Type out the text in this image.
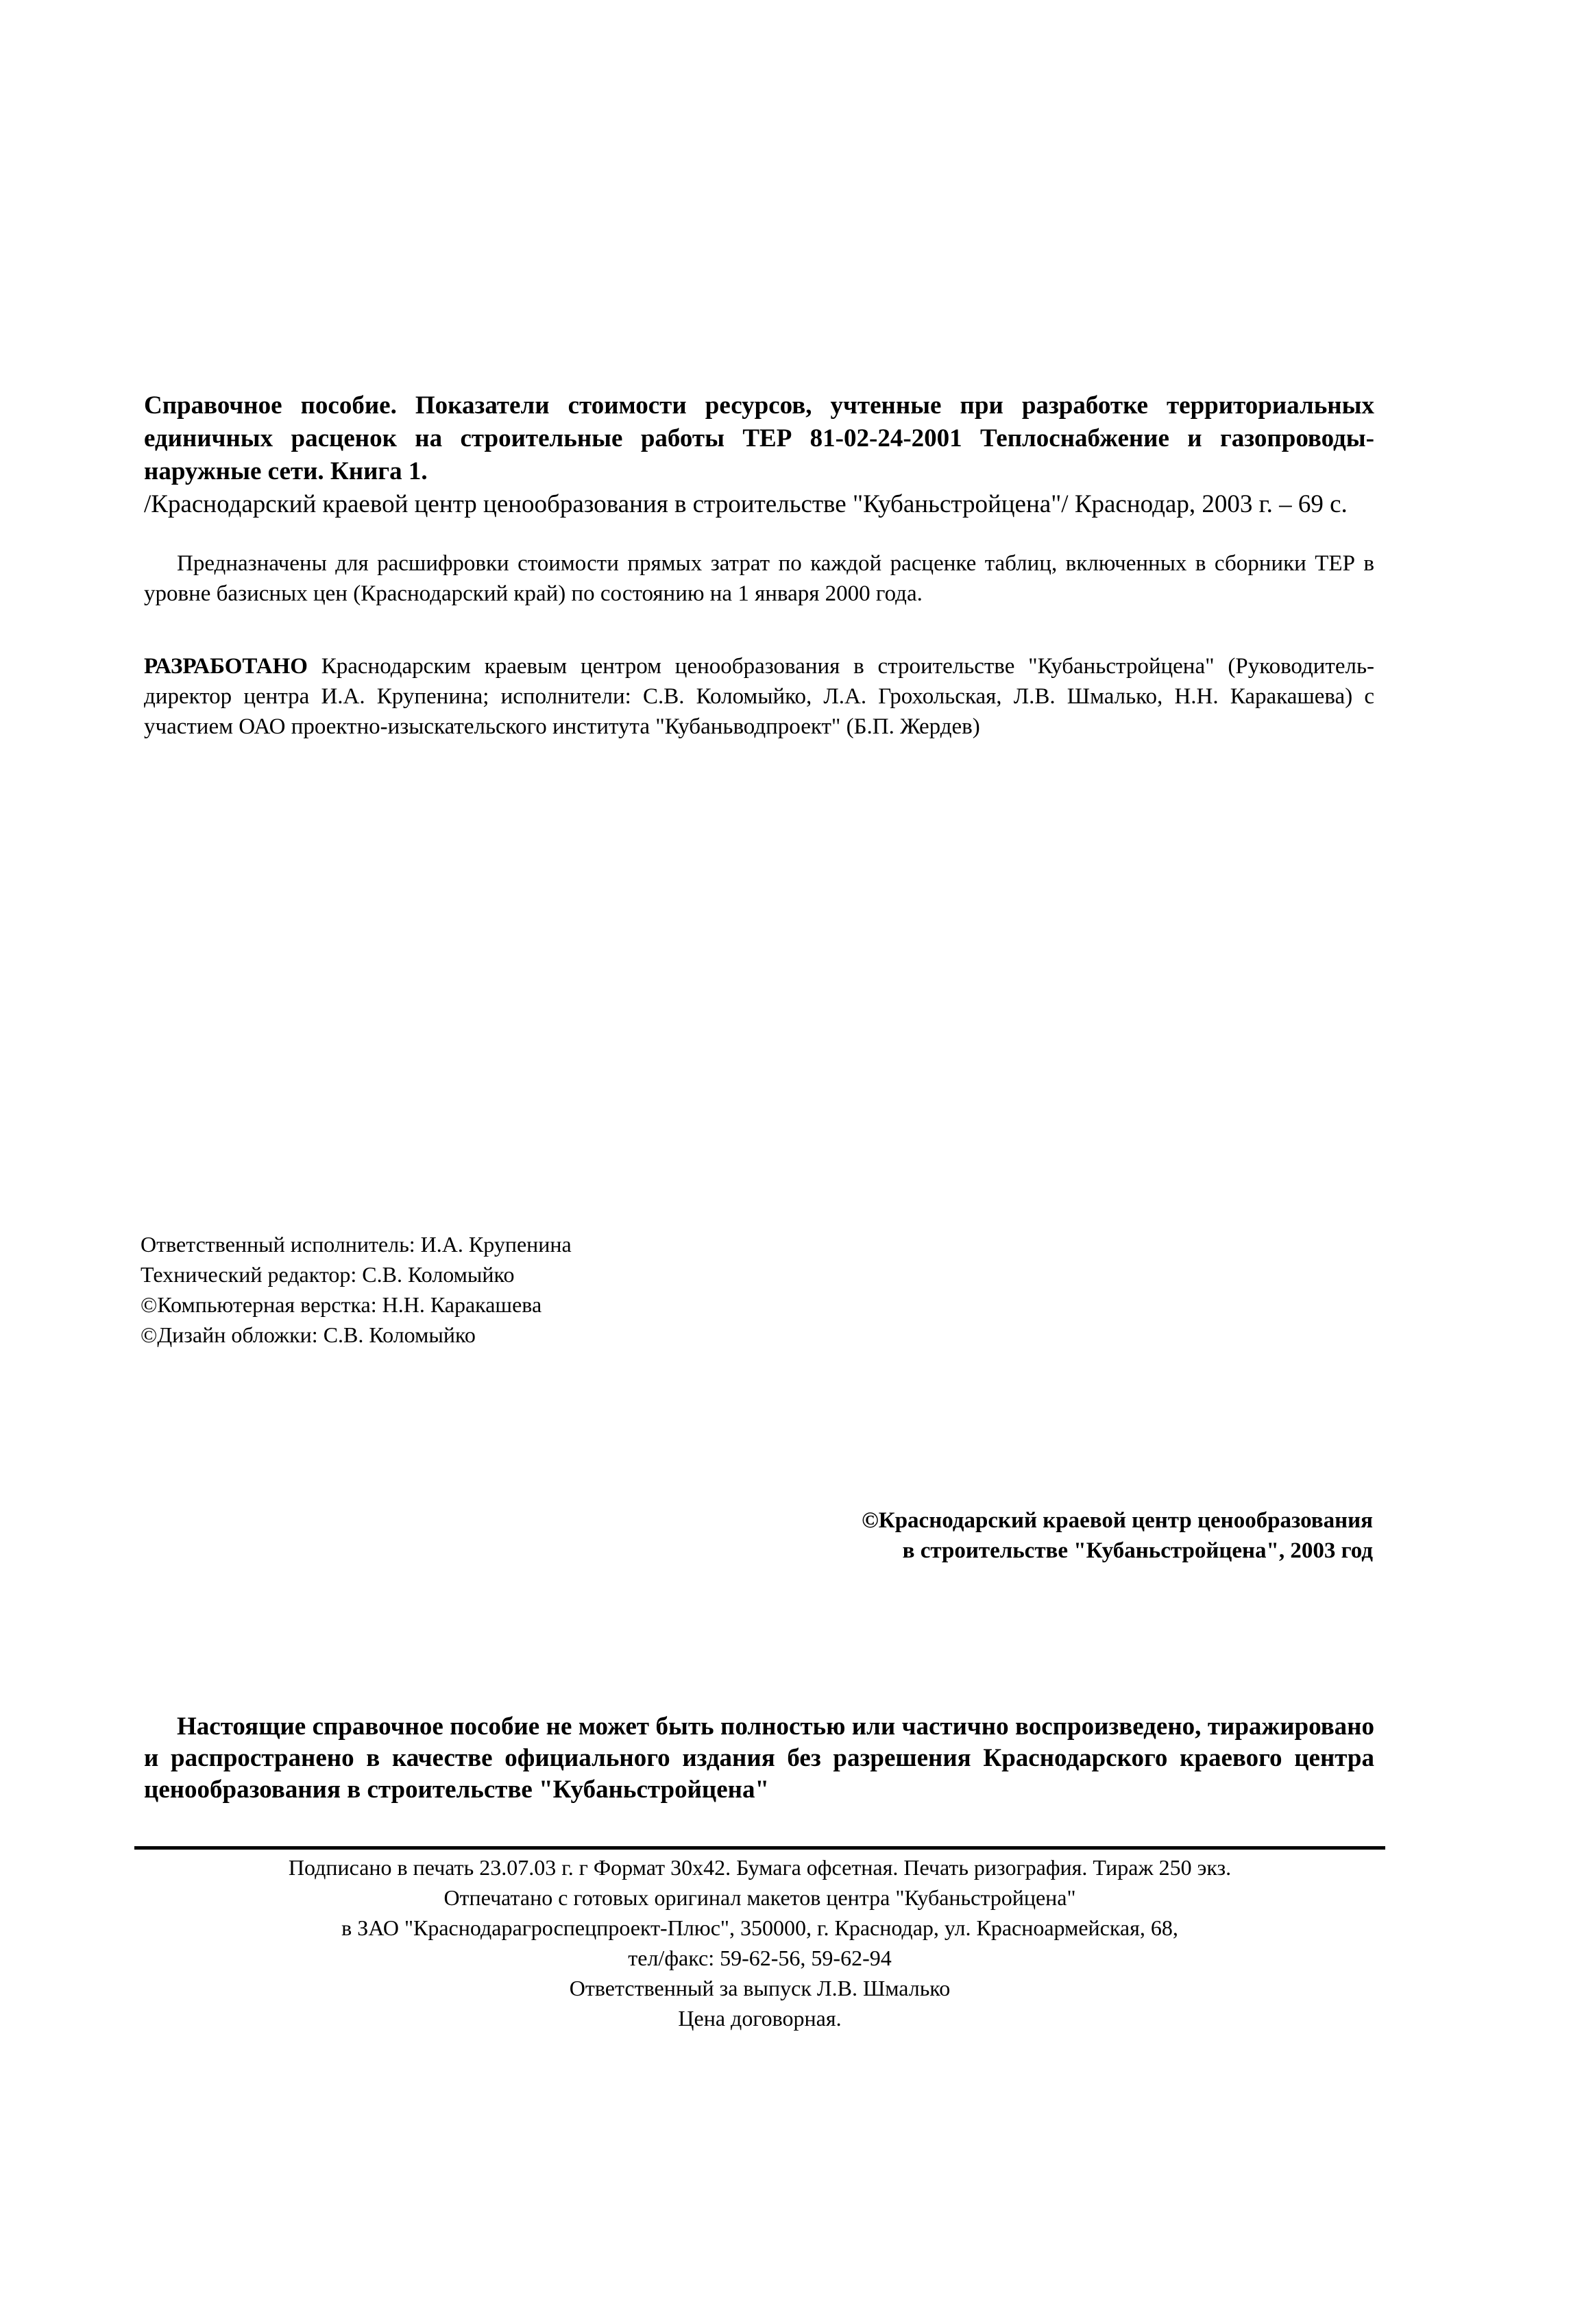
Справочное пособие. Показатели стоимости ресурсов, учтенные при разработке территориальных единичных расценок на строительные работы ТЕР 81-02-24-2001 Теплоснабжение и газопроводы-наружные сети. Книга 1.

/Краснодарский краевой центр ценообразования в строительстве "Кубаньстройцена"/ Краснодар, 2003 г. – 69 с.

Предназначены для расшифровки стоимости прямых затрат по каждой расценке таблиц, включенных в сборники ТЕР в уровне базисных цен (Краснодарский край) по состоянию на 1 января 2000 года.
РАЗРАБОТАНО Краснодарским краевым центром ценообразования в строительстве "Кубаньстройцена" (Руководитель- директор центра И.А. Крупенина; исполнители: С.В. Коломыйко, Л.А. Грохольская, Л.В. Шмалько, Н.Н. Каракашева) с участием ОАО проектно-изыскательского института "Кубаньводпроект" (Б.П. Жердев)
Ответственный исполнитель: И.А. Крупенина
Технический редактор: С.В. Коломыйко
©Компьютерная верстка: Н.Н. Каракашева
©Дизайн обложки: С.В. Коломыйко
©Краснодарский краевой центр ценообразования
в строительстве "Кубаньстройцена", 2003 год
Настоящие справочное пособие не может быть полностью или частично воспроизведено, тиражировано и распространено в качестве официального издания без разрешения Краснодарского краевого центра ценообразования в строительстве "Кубаньстройцена"
Подписано в печать 23.07.03 г. г Формат 30х42. Бумага офсетная. Печать ризография. Тираж 250 экз.
Отпечатано с готовых оригинал макетов центра "Кубаньстройцена"
в ЗАО "Краснодарагроспецпроект-Плюс", 350000, г. Краснодар, ул. Красноармейская, 68,
тел/факс: 59-62-56, 59-62-94
Ответственный за выпуск Л.В. Шмалько
Цена договорная.
